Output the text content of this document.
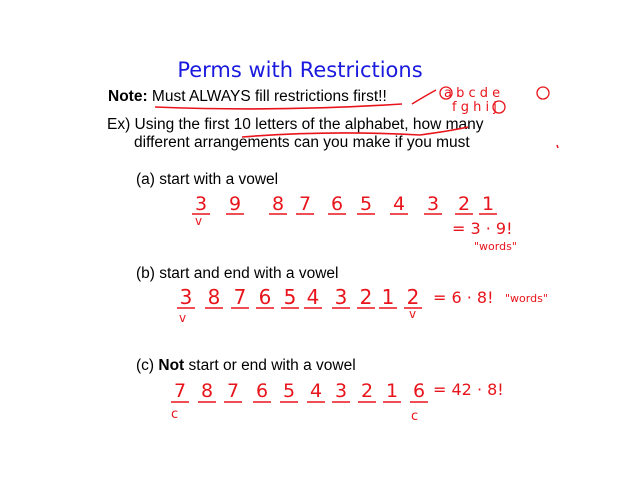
Perms with Restrictions
Note: Must ALWAYS fill restrictions first!!
Ex) Using the first 10 letters of the alphabet, how many
different arrangements can you make if you must
(a) start with a vowel
(b) start and end with a vowel
(c) Not start or end with a vowel
a b c d e
f g h i j
3 9 8 7 6 5 4 3 2 1
3 8 7 6 5 4 3 2 1 2
7 8 7 6 5 4 3 2 1 6
v	= 3 · 9!
"words"
v	v
= 6 · 8! "words"
c	c
= 42 · 8!
